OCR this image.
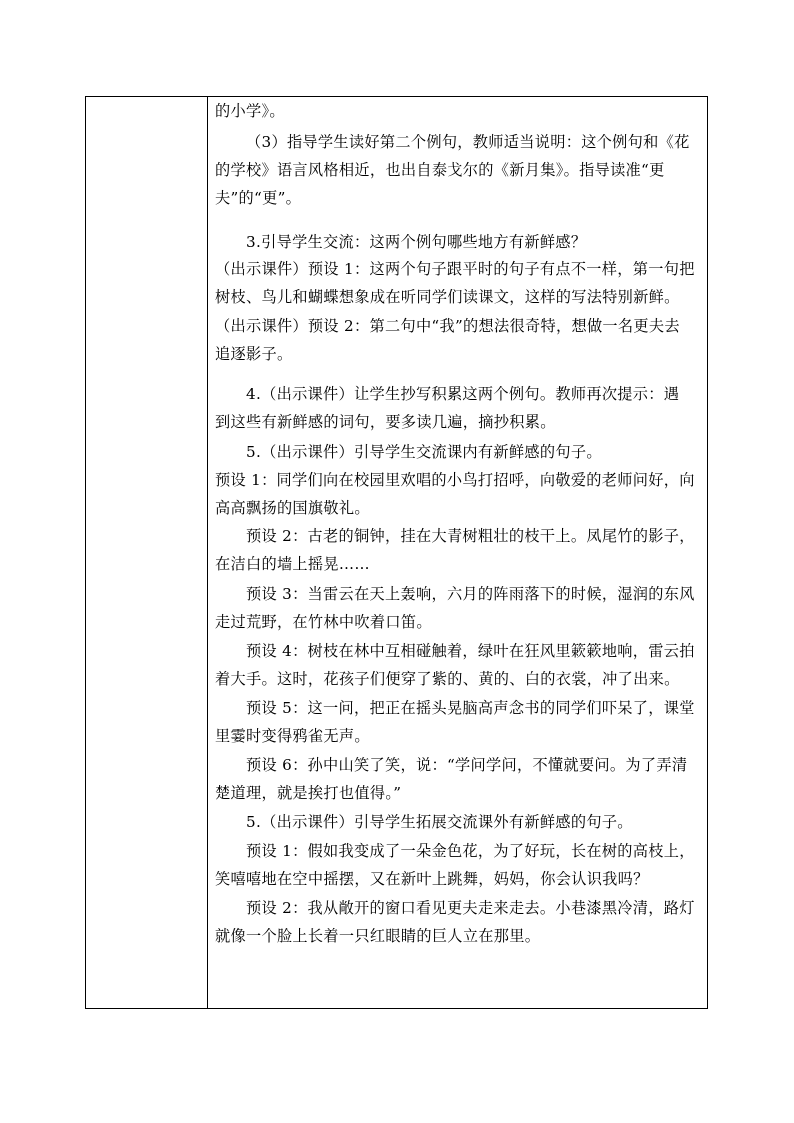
的小学》。
（3）指导学生读好第二个例句，教师适当说明：这个例句和《花
的学校》语言风格相近，也出自泰戈尔的《新月集》。指导读准“更
夫”的“更”。
3.引导学生交流：这两个例句哪些地方有新鲜感？
（出示课件）预设 1：这两个句子跟平时的句子有点不一样，第一句把
树枝、鸟儿和蝴蝶想象成在听同学们读课文，这样的写法特别新鲜。
（出示课件）预设 2：第二句中“我”的想法很奇特，想做一名更夫去
追逐影子。
4.（出示课件）让学生抄写积累这两个例句。教师再次提示：遇
到这些有新鲜感的词句，要多读几遍，摘抄积累。
5.（出示课件）引导学生交流课内有新鲜感的句子。
预设 1：同学们向在校园里欢唱的小鸟打招呼，向敬爱的老师问好，向
高高飘扬的国旗敬礼。
预设 2：古老的铜钟，挂在大青树粗壮的枝干上。凤尾竹的影子，
在洁白的墙上摇晃……
预设 3：当雷云在天上轰响，六月的阵雨落下的时候，湿润的东风
走过荒野，在竹林中吹着口笛。
预设 4：树枝在林中互相碰触着，绿叶在狂风里簌簌地响，雷云拍
着大手。这时，花孩子们便穿了紫的、黄的、白的衣裳，冲了出来。
预设 5：这一问，把正在摇头晃脑高声念书的同学们吓呆了，课堂
里霎时变得鸦雀无声。
预设 6：孙中山笑了笑，说：“学问学问，不懂就要问。为了弄清
楚道理，就是挨打也值得。”
5.（出示课件）引导学生拓展交流课外有新鲜感的句子。
预设 1：假如我变成了一朵金色花，为了好玩，长在树的高枝上，
笑嘻嘻地在空中摇摆，又在新叶上跳舞，妈妈，你会认识我吗？
预设 2：我从敞开的窗口看见更夫走来走去。小巷漆黑冷清，路灯
就像一个脸上长着一只红眼睛的巨人立在那里。
